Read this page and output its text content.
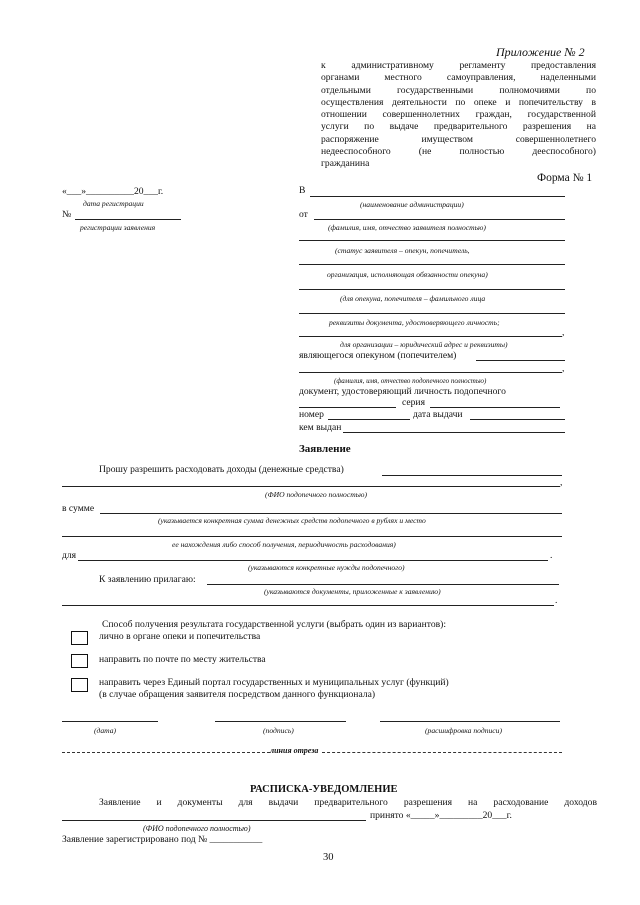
Приложение № 2
к административному регламенту предоставления
органами местного самоуправления, наделенными
отдельными государственными полномочиями по
осуществления деятельности по опеке и попечительству в
отношении совершеннолетних граждан, государственной
услуги по выдаче предварительного разрешения на
распоряжение имуществом совершеннолетнего
недееспособного (не полностью дееспособного)
гражданина
Форма № 1
«___»__________20___г.
дата регистрации
№
регистрации заявления
В
(наименование администрации)
от
(фамилия, имя, отчество заявителя полностью)
(статус заявителя – опекун, попечитель,
организация, исполняющая обязанности опекуна)
(для опекуна, попечителя – фамильного лица
реквизиты документа, удостоверяющего личность;
,
для организации – юридический адрес и реквизиты)
являющегося опекуном (попечителем)
,
(фамилия, имя, отчество подопечного полностью)
документ, удостоверяющий личность подопечного
серия
номер	дата выдачи
кем выдан
Заявление
Прошу разрешить расходовать доходы (денежные средства)
,
(ФИО подопечного полностью)
в сумме
(указывается конкретная сумма денежных средств подопечного в рублях и место
ее нахождения либо способ получения, периодичность расходования)
для	.
(указываются конкретные нужды подопечного)
К заявлению прилагаю:
(указываются документы, приложенные к заявлению)
.
Способ получения результата государственной услуги (выбрать один из вариантов):
лично в органе опеки и попечительства
направить по почте по месту жительства
направить через Единый портал государственных и муниципальных услуг (функций)
(в случае обращения заявителя посредством данного функционала)
(дата)	(подпись)	(расшифровка подписи)
линия отреза
РАСПИСКА-УВЕДОМЛЕНИЕ
Заявление и документы для выдачи предварительного разрешения на расходование доходов
принято «_____»_________20___г.
(ФИО подопечного полностью)
Заявление зарегистрировано под № ___________
30
